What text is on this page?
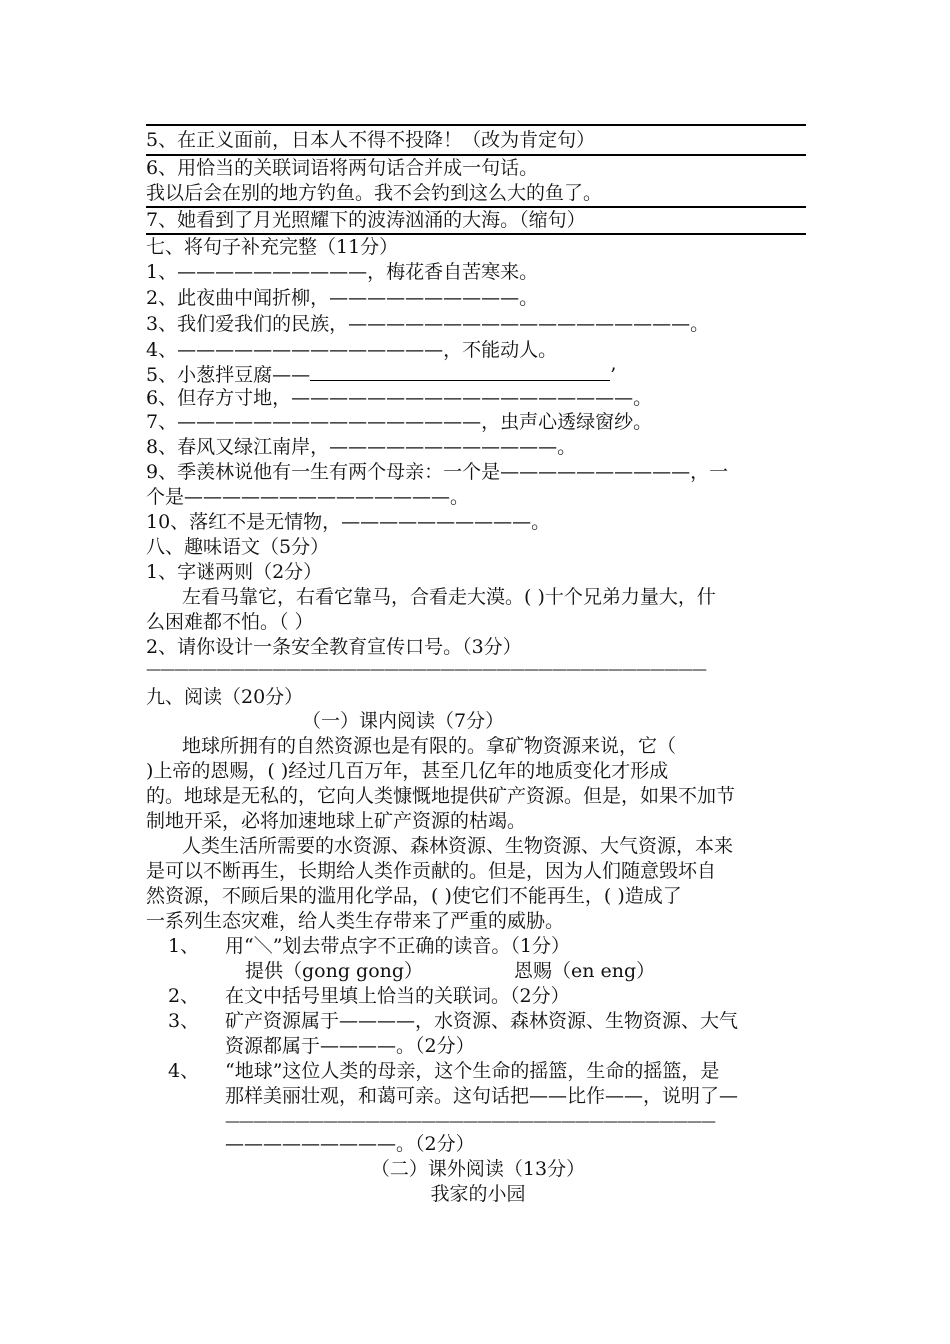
5、在正义面前，日本人不得不投降！（改为肯定句）
6、用恰当的关联词语将两句话合并成一句话。
我以后会在别的地方钓鱼。我不会钓到这么大的鱼了。
7、她看到了月光照耀下的波涛汹涌的大海。（缩句）
七、将句子补充完整（11分）
1、——————————，梅花香自苦寒来。
2、此夜曲中闻折柳，——————————。
3、我们爱我们的民族，——————————————————。
4、——————————————，不能动人。
5、小葱拌豆腐——	’
6、但存方寸地，——————————————————。
7、————————————————，虫声心透绿窗纱。
8、春风又绿江南岸，————————————。
9、季羡林说他有一生有两个母亲：一个是——————————，一
个是——————————————。
10、落红不是无情物，——————————。
八、趣味语文（5分）
1、字谜两则（2分）
左看马靠它，右看它靠马，合看走大漠。( )十个兄弟力量大，什
么困难都不怕。（ ）
2、请你设计一条安全教育宣传口号。（3分）
————————————————————————————————————————
九、阅读（20分）
（一）课内阅读（7分）
地球所拥有的自然资源也是有限的。拿矿物资源来说，它（
)上帝的恩赐，( )经过几百万年，甚至几亿年的地质变化才形成
的。地球是无私的，它向人类慷慨地提供矿产资源。但是，如果不加节
制地开采，必将加速地球上矿产资源的枯竭。
人类生活所需要的水资源、森林资源、生物资源、大气资源，本来
是可以不断再生，长期给人类作贡献的。但是，因为人们随意毁坏自
然资源，不顾后果的滥用化学品，( )使它们不能再生，( )造成了
一系列生态灾难，给人类生存带来了严重的威胁。
1、 用“＼”划去带点字不正确的读音。（1分）
提供（gong gong）	恩赐（en eng）
2、 在文中括号里填上恰当的关联词。（2分）
3、 矿产资源属于————，水资源、森林资源、生物资源、大气
资源都属于————。（2分）
4、 “地球”这位人类的母亲，这个生命的摇篮，生命的摇篮，是
那样美丽壮观，和蔼可亲。这句话把——比作——，说明了—
———————————————————————————————————
—————————。（2分）
（二）课外阅读（13分）
我家的小园
